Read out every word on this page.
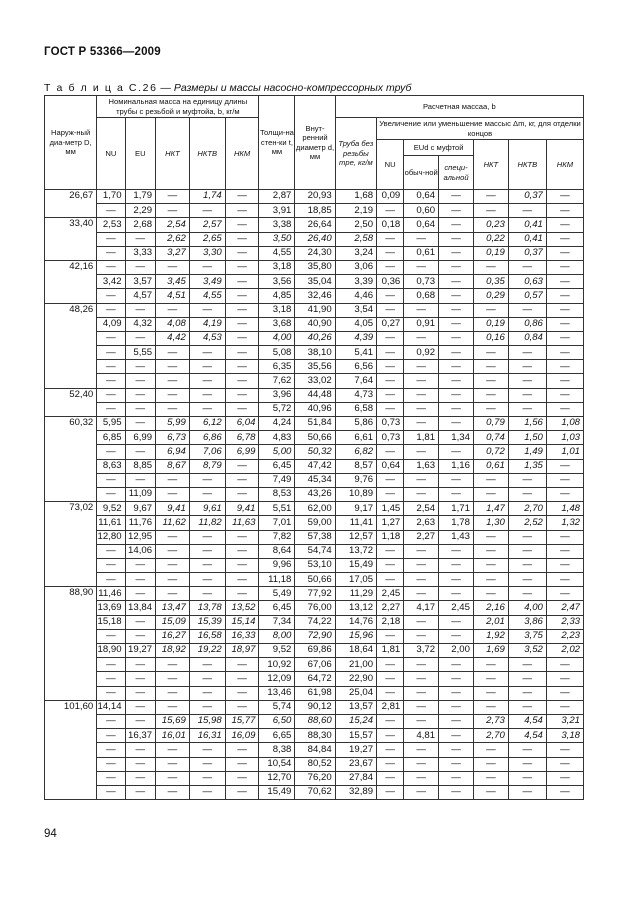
ГОСТ Р 53366—2009
Т а б л и ц а С.26 — Размеры и массы насосно-компрессорных труб
Наруж-ный диа-метр D, мм	Номинальная масса на единицу длины трубы с резьбой и муфтойa, b, кг/м					Толщи-на стен-ки t, мм	Внут-ренний диаметр d, мм	Расчетная массаa, b						
	NU	EU	НКТ	НКТВ	НКМ			Труба без резьбы mpe, кг/м	Увеличение или уменьшение массыc Δm, кг, для отделки концов					
									NU	EUd с муфтой		НКТ	НКТВ	НКМ
										обыч-ной	специ-альной			
26,67	1,70	1,79	—	1,74	—	2,87	20,93	1,68	0,09	0,64	—	—	0,37	—
	—	2,29	—	—	—	3,91	18,85	2,19	—	0,60	—	—	—	—
33,40	2,53	2,68	2,54	2,57	—	3,38	26,64	2,50	0,18	0,64	—	0,23	0,41	—
	—	—	2,62	2,65	—	3,50	26,40	2,58	—	—	—	0,22	0,41	—
	—	3,33	3,27	3,30	—	4,55	24,30	3,24	—	0,61	—	0,19	0,37	—
42,16	—	—	—	—	—	3,18	35,80	3,06	—	—	—	—	—	—
	3,42	3,57	3,45	3,49	—	3,56	35,04	3,39	0,36	0,73	—	0,35	0,63	—
	—	4,57	4,51	4,55	—	4,85	32,46	4,46	—	0,68	—	0,29	0,57	—
48,26	—	—	—	—	—	3,18	41,90	3,54	—	—	—	—	—	—
	4,09	4,32	4,08	4,19	—	3,68	40,90	4,05	0,27	0,91	—	0,19	0,86	—
	—	—	4,42	4,53	—	4,00	40,26	4,39	—	—	—	0,16	0,84	—
	—	5,55	—	—	—	5,08	38,10	5,41	—	0,92	—	—	—	—
	—	—	—	—	—	6,35	35,56	6,56	—	—	—	—	—	—
	—	—	—	—	—	7,62	33,02	7,64	—	—	—	—	—	—
52,40	—	—	—	—	—	3,96	44,48	4,73	—	—	—	—	—	—
	—	—	—	—	—	5,72	40,96	6,58	—	—	—	—	—	—
60,32	5,95	—	5,99	6,12	6,04	4,24	51,84	5,86	0,73	—	—	0,79	1,56	1,08
	6,85	6,99	6,73	6,86	6,78	4,83	50,66	6,61	0,73	1,81	1,34	0,74	1,50	1,03
	—	—	6,94	7,06	6,99	5,00	50,32	6,82	—	—	—	0,72	1,49	1,01
	8,63	8,85	8,67	8,79	—	6,45	47,42	8,57	0,64	1,63	1,16	0,61	1,35	—
	—	—	—	—	—	7,49	45,34	9,76	—	—	—	—	—	—
	—	11,09	—	—	—	8,53	43,26	10,89	—	—	—	—	—	—
73,02	9,52	9,67	9,41	9,61	9,41	5,51	62,00	9,17	1,45	2,54	1,71	1,47	2,70	1,48
	11,61	11,76	11,62	11,82	11,63	7,01	59,00	11,41	1,27	2,63	1,78	1,30	2,52	1,32
	12,80	12,95	—	—	—	7,82	57,38	12,57	1,18	2,27	1,43	—	—	—
	—	14,06	—	—	—	8,64	54,74	13,72	—	—	—	—	—	—
	—	—	—	—	—	9,96	53,10	15,49	—	—	—	—	—	—
	—	—	—	—	—	11,18	50,66	17,05	—	—	—	—	—	—
88,90	11,46	—	—	—	—	5,49	77,92	11,29	2,45	—	—	—	—	—
	13,69	13,84	13,47	13,78	13,52	6,45	76,00	13,12	2,27	4,17	2,45	2,16	4,00	2,47
	15,18	—	15,09	15,39	15,14	7,34	74,22	14,76	2,18	—	—	2,01	3,86	2,33
	—	—	16,27	16,58	16,33	8,00	72,90	15,96	—	—	—	1,92	3,75	2,23
	18,90	19,27	18,92	19,22	18,97	9,52	69,86	18,64	1,81	3,72	2,00	1,69	3,52	2,02
	—	—	—	—	—	10,92	67,06	21,00	—	—	—	—	—	—
	—	—	—	—	—	12,09	64,72	22,90	—	—	—	—	—	—
	—	—	—	—	—	13,46	61,98	25,04	—	—	—	—	—	—
101,60	14,14	—	—	—	—	5,74	90,12	13,57	2,81	—	—	—	—	—
	—	—	15,69	15,98	15,77	6,50	88,60	15,24	—	—	—	2,73	4,54	3,21
	—	16,37	16,01	16,31	16,09	6,65	88,30	15,57	—	4,81	—	2,70	4,54	3,18
	—	—	—	—	—	8,38	84,84	19,27	—	—	—	—	—	—
	—	—	—	—	—	10,54	80,52	23,67	—	—	—	—	—	—
	—	—	—	—	—	12,70	76,20	27,84	—	—	—	—	—	—
	—	—	—	—	—	15,49	70,62	32,89	—	—	—	—	—	—
94
